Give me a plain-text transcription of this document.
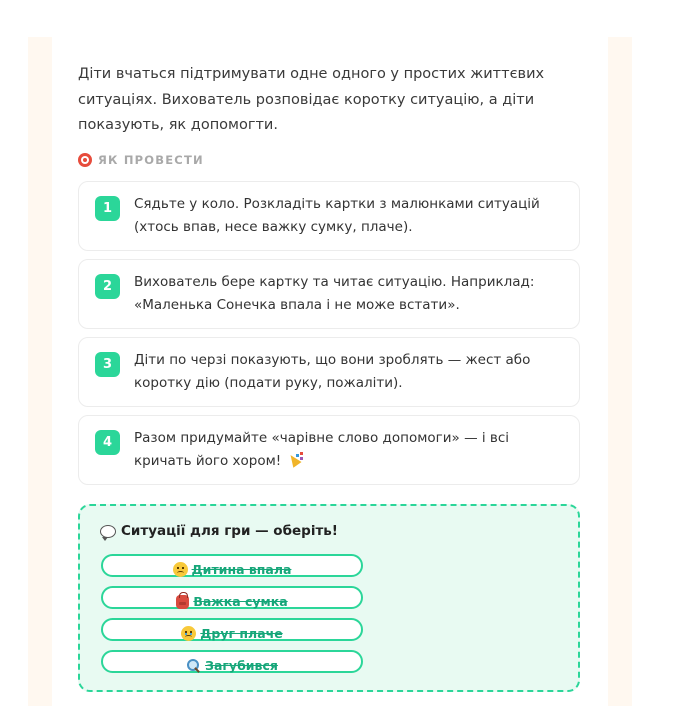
Діти вчаться підтримувати одне одного у простих життєвих ситуаціях. Вихователь розповідає коротку ситуацію, а діти показують, як допомогти.

ЯК ПРОВЕСТИ
1	Сядьте у коло. Розкладіть картки з малюнками ситуацій (хтось впав, несе важку сумку, плаче).

2	Вихователь бере картку та читає ситуацію. Наприклад: «Маленька Сонечка впала і не може встати».

3	Діти по черзі показують, що вони зроблять — жест або коротку дію (подати руку, пожаліти).

4	Разом придумайте «чарівне слово допомоги» — і всі кричать його хором!

Ситуації для гри — оберіть!
Дитина впала
Важка сумка
Друг плаче
Загубився
